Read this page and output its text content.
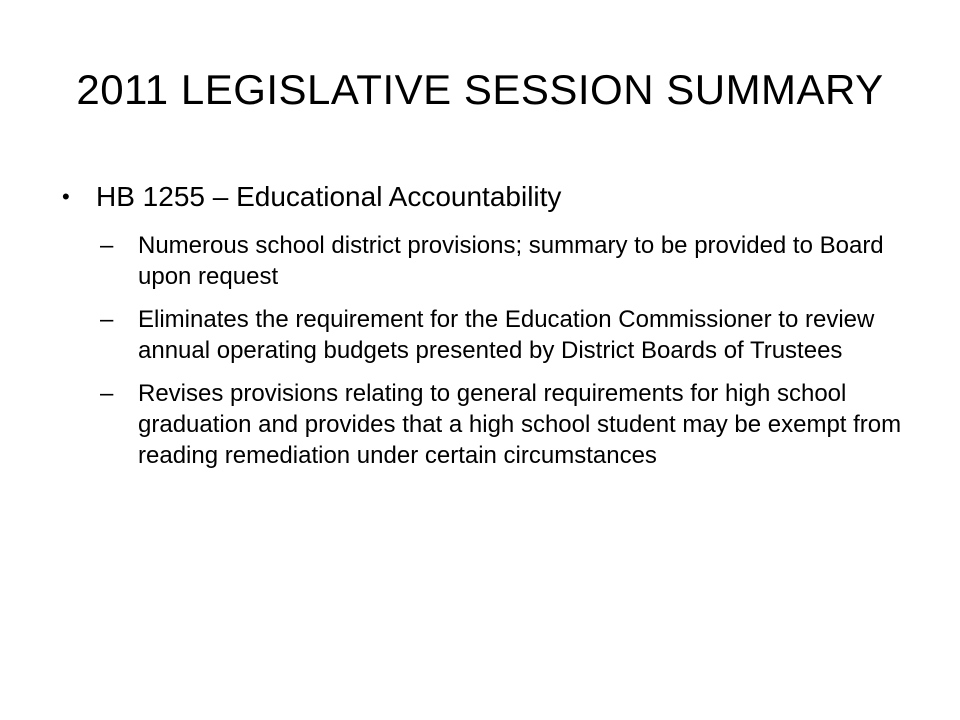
2011 LEGISLATIVE SESSION SUMMARY
• HB 1255 – Educational Accountability
– Numerous school district provisions; summary to be provided to Board upon request
– Eliminates the requirement for the Education Commissioner to review annual operating budgets presented by District Boards of Trustees
– Revises provisions relating to general requirements for high school graduation and provides that a high school student may be exempt from reading remediation under certain circumstances
